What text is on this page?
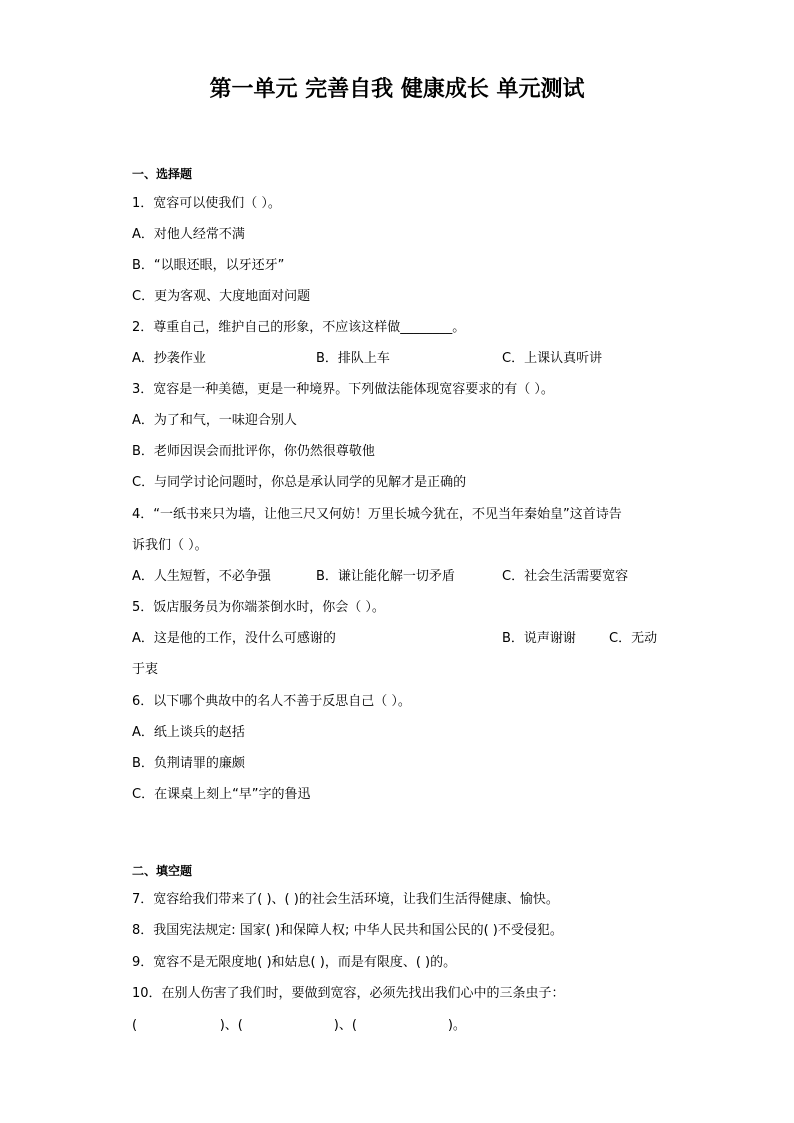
第一单元 完善自我 健康成长 单元测试
一、选择题
1．宽容可以使我们（ ）。
A．对他人经常不满
B．“以眼还眼，以牙还牙”
C．更为客观、大度地面对问题
2．尊重自己，维护自己的形象，不应该这样做________。
A．抄袭作业	B．排队上车	C．上课认真听讲
3．宽容是一种美德，更是一种境界。下列做法能体现宽容要求的有（ ）。
A．为了和气，一味迎合别人
B．老师因误会而批评你，你仍然很尊敬他
C．与同学讨论问题时，你总是承认同学的见解才是正确的
4．“一纸书来只为墙，让他三尺又何妨！万里长城今犹在，不见当年秦始皇”这首诗告
诉我们（ ）。
A．人生短暂，不必争强	B．谦让能化解一切矛盾	C．社会生活需要宽容
5．饭店服务员为你端茶倒水时，你会（ ）。
A．这是他的工作，没什么可感谢的	B．说声谢谢	C．无动
于衷
6．以下哪个典故中的名人不善于反思自己（ ）。
A．纸上谈兵的赵括
B．负荆请罪的廉颇
C．在课桌上刻上“早”字的鲁迅
二、填空题
7．宽容给我们带来了( )、( )的社会生活环境，让我们生活得健康、愉快。
8．我国宪法规定: 国家( )和保障人权; 中华人民共和国公民的( )不受侵犯。
9．宽容不是无限度地( )和姑息( )，而是有限度、( )的。
10．在别人伤害了我们时，要做到宽容，必须先找出我们心中的三条虫子：
(                    )、(                      )、(                      )。
